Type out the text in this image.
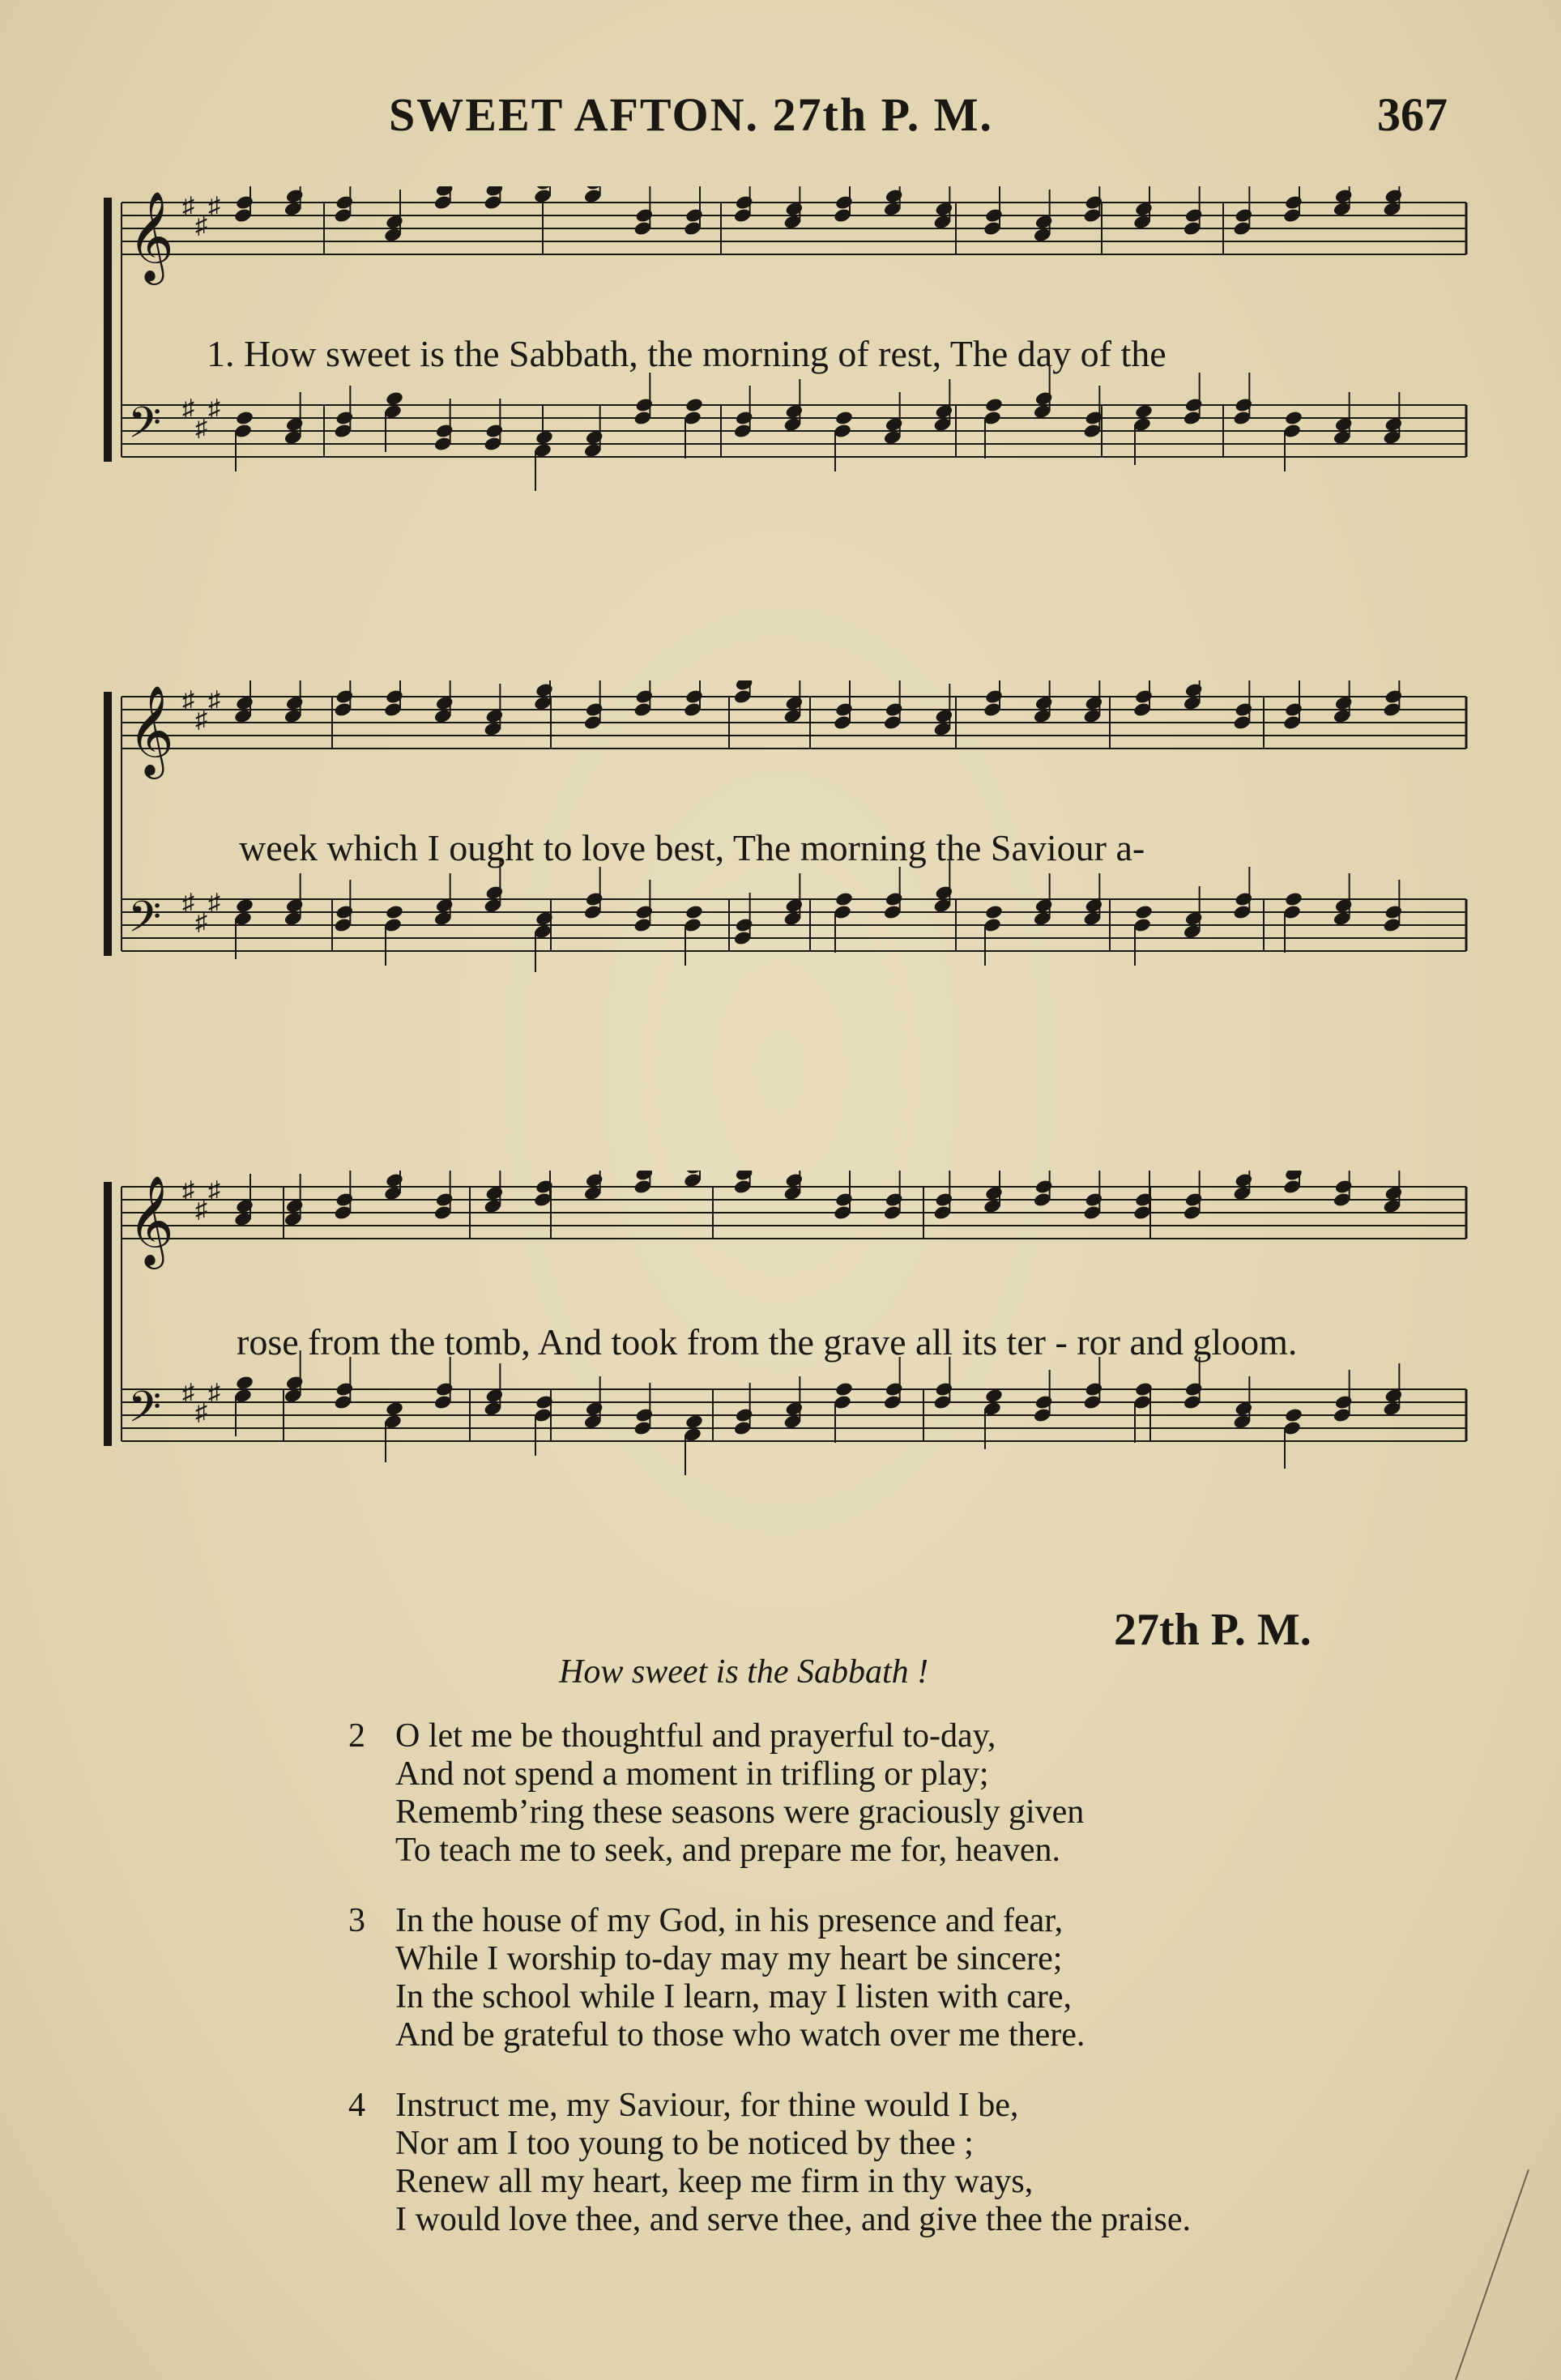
SWEET AFTON. 27th P. M.	367
𝄞 ♯
♯
♯
𝄢 ♯
♯
♯
1. How sweet is the Sabbath, the morning of rest, The day of the
𝄞 ♯
♯
♯
𝄢 ♯
♯
♯
week which I ought to love best, The morning the Saviour a-
𝄞 ♯
♯
♯
𝄢 ♯
♯
♯
rose from the tomb, And took from the grave all its ter - ror and gloom.
27th P. M.
How sweet is the Sabbath !
2 O let me be thoughtful and prayerful to-day,
And not spend a moment in trifling or play;
Rememb’ring these seasons were graciously given
To teach me to seek, and prepare me for, heaven.
3 In the house of my God, in his presence and fear,
While I worship to-day may my heart be sincere;
In the school while I learn, may I listen with care,
And be grateful to those who watch over me there.
4 Instruct me, my Saviour, for thine would I be,
Nor am I too young to be noticed by thee ;
Renew all my heart, keep me firm in thy ways,
I would love thee, and serve thee, and give thee the praise.
